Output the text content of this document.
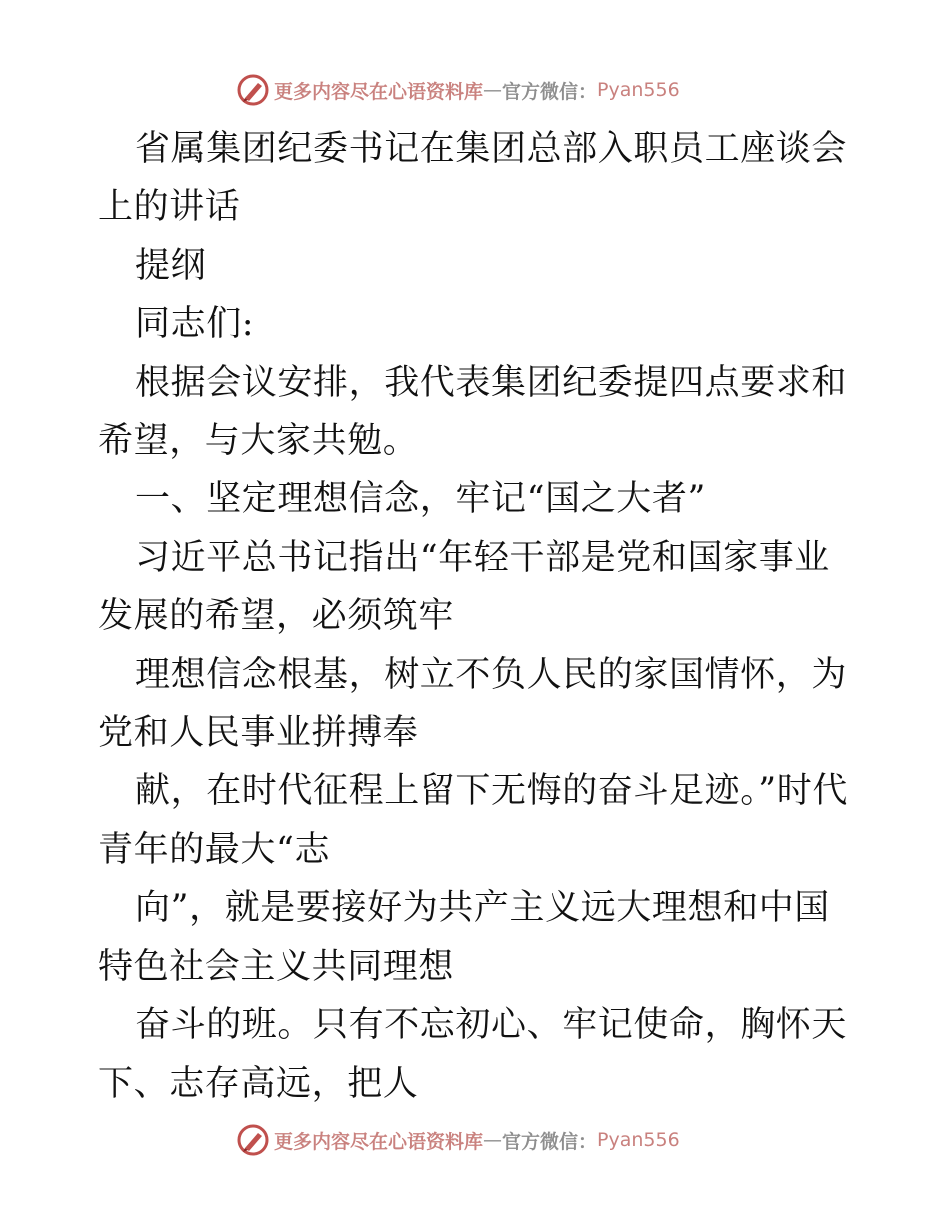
更多内容尽在心语资料库 — 官方微信： Pyan556

省属集团纪委书记在集团总部入职员工座谈会上的讲话

提纲

同志们:

根据会议安排，我代表集团纪委提四点要求和希望，与大家共勉。

一、坚定理想信念，牢记“国之大者”

习近平总书记指出“年轻干部是党和国家事业发展的希望，必须筑牢

理想信念根基，树立不负人民的家国情怀，为党和人民事业拼搏奉

献，在时代征程上留下无悔的奋斗足迹。”时代青年的最大“志

向”，就是要接好为共产主义远大理想和中国特色社会主义共同理想

奋斗的班。只有不忘初心、牢记使命，胸怀天下、志存高远，把人

更多内容尽在心语资料库 — 官方微信： Pyan556
